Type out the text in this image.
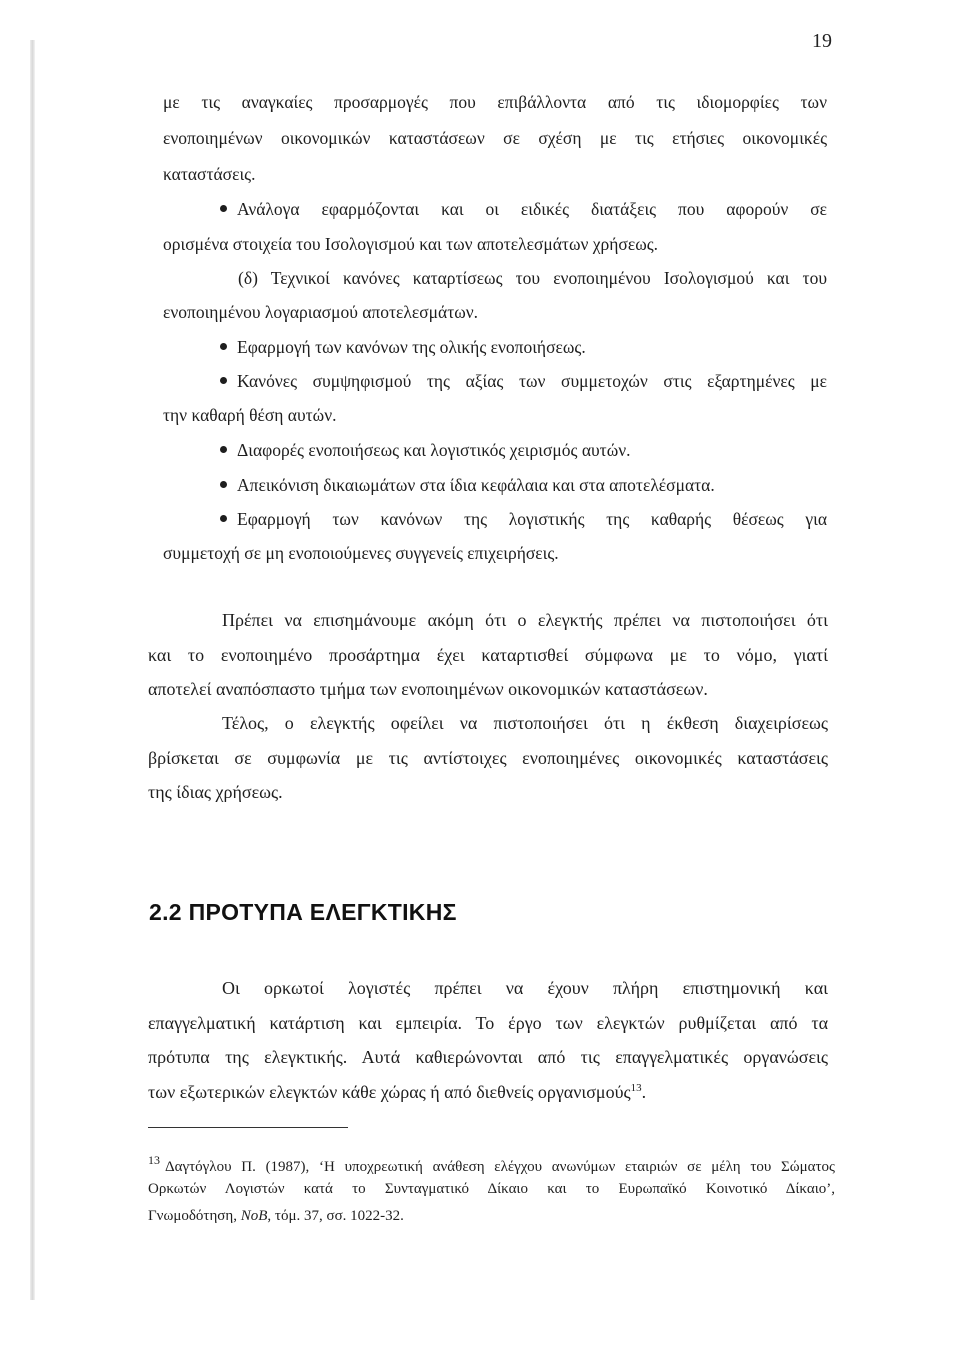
19
με τις αναγκαίες προσαρμογές που επιβάλλοντα από τις ιδιομορφίες των
ενοποιημένων οικονομικών καταστάσεων σε σχέση με τις ετήσιες οικονομικές
καταστάσεις.
Ανάλογα εφαρμόζονται και οι ειδικές διατάξεις που αφορούν σε
ορισμένα στοιχεία του Ισολογισμού και των αποτελεσμάτων χρήσεως.
(δ) Τεχνικοί κανόνες καταρτίσεως του ενοποιημένου Ισολογισμού και του
ενοποιημένου λογαριασμού αποτελεσμάτων.
Εφαρμογή των κανόνων της ολικής ενοποιήσεως.
Κανόνες συμψηφισμού της αξίας των συμμετοχών στις εξαρτημένες με
την καθαρή θέση αυτών.
Διαφορές ενοποιήσεως και λογιστικός χειρισμός αυτών.
Απεικόνιση δικαιωμάτων στα ίδια κεφάλαια και στα αποτελέσματα.
Εφαρμογή των κανόνων της λογιστικής της καθαρής θέσεως για
συμμετοχή σε μη ενοποιούμενες συγγενείς επιχειρήσεις.
Πρέπει να επισημάνουμε ακόμη ότι ο ελεγκτής πρέπει να πιστοποιήσει ότι
και το ενοποιημένο προσάρτημα έχει καταρτισθεί σύμφωνα με το νόμο, γιατί
αποτελεί αναπόσπαστο τμήμα των ενοποιημένων οικονομικών καταστάσεων.
Τέλος, ο ελεγκτής οφείλει να πιστοποιήσει ότι η έκθεση διαχειρίσεως
βρίσκεται σε συμφωνία με τις αντίστοιχες ενοποιημένες οικονομικές καταστάσεις
της ίδιας χρήσεως.
2.2 ΠΡΟΤΥΠΑ ΕΛΕΓΚΤΙΚΗΣ
Οι ορκωτοί λογιστές πρέπει να έχουν πλήρη επιστημονική και
επαγγελματική κατάρτιση και εμπειρία. Το έργο των ελεγκτών ρυθμίζεται από τα
πρότυπα της ελεγκτικής. Αυτά καθιερώνονται από τις επαγγελματικές οργανώσεις
των εξωτερικών ελεγκτών κάθε χώρας ή από διεθνείς οργανισμούς$^{13}$.
$^{13}$ Δαγτόγλου Π. (1987), ‘Η υποχρεωτική ανάθεση ελέγχου ανωνύμων εταιριών σε μέλη του Σώματος
Ορκωτών Λογιστών κατά το Συνταγματικό Δίκαιο και το Ευρωπαϊκό Κοινοτικό Δίκαιο’,
Γνωμοδότηση, ΝοΒ, τόμ. 37, σσ. 1022-32.
